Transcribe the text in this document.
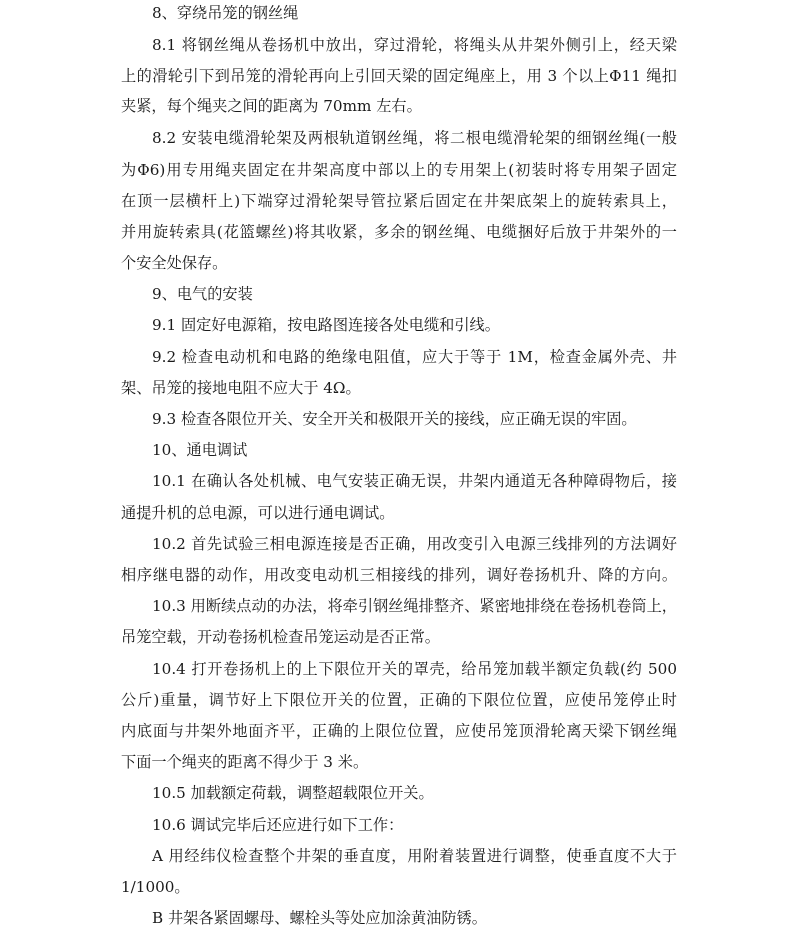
8、穿绕吊笼的钢丝绳
8.1 将钢丝绳从卷扬机中放出，穿过滑轮，将绳头从井架外侧引上，经天梁
上的滑轮引下到吊笼的滑轮再向上引回天梁的固定绳座上，用 3 个以上Φ11 绳扣
夹紧，每个绳夹之间的距离为 70mm 左右。
8.2 安装电缆滑轮架及两根轨道钢丝绳，将二根电缆滑轮架的细钢丝绳(一般
为Φ6)用专用绳夹固定在井架高度中部以上的专用架上(初装时将专用架子固定
在顶一层横杆上)下端穿过滑轮架导管拉紧后固定在井架底架上的旋转索具上，
并用旋转索具(花篮螺丝)将其收紧，多余的钢丝绳、电缆捆好后放于井架外的一
个安全处保存。
9、电气的安装
9.1 固定好电源箱，按电路图连接各处电缆和引线。
9.2 检查电动机和电路的绝缘电阻值，应大于等于 1M，检查金属外壳、井
架、吊笼的接地电阻不应大于 4Ω。
9.3 检查各限位开关、安全开关和极限开关的接线，应正确无误的牢固。
10、通电调试
10.1 在确认各处机械、电气安装正确无误，井架内通道无各种障碍物后，接
通提升机的总电源，可以进行通电调试。
10.2 首先试验三相电源连接是否正确，用改变引入电源三线排列的方法调好
相序继电器的动作，用改变电动机三相接线的排列，调好卷扬机升、降的方向。
10.3 用断续点动的办法，将牵引钢丝绳排整齐、紧密地排绕在卷扬机卷筒上，
吊笼空载，开动卷扬机检查吊笼运动是否正常。
10.4 打开卷扬机上的上下限位开关的罩壳，给吊笼加载半额定负载(约 500
公斤)重量，调节好上下限位开关的位置，正确的下限位位置，应使吊笼停止时
内底面与井架外地面齐平，正确的上限位位置，应使吊笼顶滑轮离天梁下钢丝绳
下面一个绳夹的距离不得少于 3 米。
10.5 加载额定荷载，调整超载限位开关。
10.6 调试完毕后还应进行如下工作：
A 用经纬仪检查整个井架的垂直度，用附着装置进行调整，使垂直度不大于
1/1000。
B 井架各紧固螺母、螺栓头等处应加涂黄油防锈。
